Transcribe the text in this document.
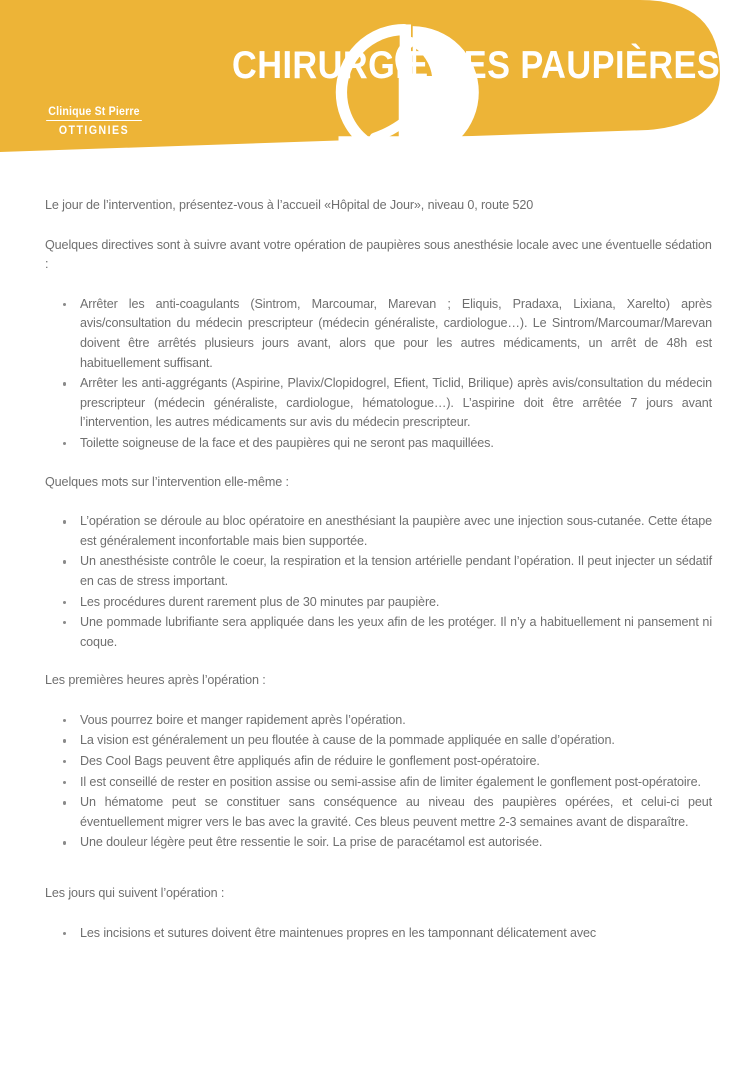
Clinique St Pierre
OTTIGNIES
CHIRURGIE DES PAUPIÈRES

Le jour de l’intervention, présentez-vous à l’accueil «Hôpital de Jour», niveau 0, route 520

Quelques directives sont à suivre avant votre opération de paupières sous anesthésie locale avec une éventuelle sédation :

Arrêter les anti-coagulants (Sintrom, Marcoumar, Marevan ; Eliquis, Pradaxa, Lixiana, Xarelto) après avis/consultation du médecin prescripteur (médecin généraliste, cardiologue…). Le Sintrom/Marcoumar/Marevan doivent être arrêtés plusieurs jours avant, alors que pour les autres médicaments, un arrêt de 48h est habituellement suffisant.
Arrêter les anti-aggrégants (Aspirine, Plavix/Clopidogrel, Efient, Ticlid, Brilique) après avis/consultation du médecin prescripteur (médecin généraliste, cardiologue, hématologue…). L’aspirine doit être arrêtée 7 jours avant l’intervention, les autres médicaments sur avis du médecin prescripteur.
Toilette soigneuse de la face et des paupières qui ne seront pas maquillées.

Quelques mots sur l’intervention elle-même :

L’opération se déroule au bloc opératoire en anesthésiant la paupière avec une injection sous-cutanée. Cette étape est généralement inconfortable mais bien supportée.
Un anesthésiste contrôle le coeur, la respiration et la tension artérielle pendant l’opération. Il peut injecter un sédatif en cas de stress important.
Les procédures durent rarement plus de 30 minutes par paupière.
Une pommade lubrifiante sera appliquée dans les yeux afin de les protéger. Il n’y a habituellement ni pansement ni coque.

Les premières heures après l’opération :

Vous pourrez boire et manger rapidement après l’opération.
La vision est généralement un peu floutée à cause de la pommade appliquée en salle d’opération.
Des Cool Bags peuvent être appliqués afin de réduire le gonflement post-opératoire.
Il est conseillé de rester en position assise ou semi-assise afin de limiter également le gonflement post-opératoire.
Un hématome peut se constituer sans conséquence au niveau des paupières opérées, et celui-ci peut éventuellement migrer vers le bas avec la gravité. Ces bleus peuvent mettre 2-3 semaines avant de disparaître.
Une douleur légère peut être ressentie le soir. La prise de paracétamol est autorisée.

Les jours qui suivent l’opération :

Les incisions et sutures doivent être maintenues propres en les tamponnant délicatement avec
